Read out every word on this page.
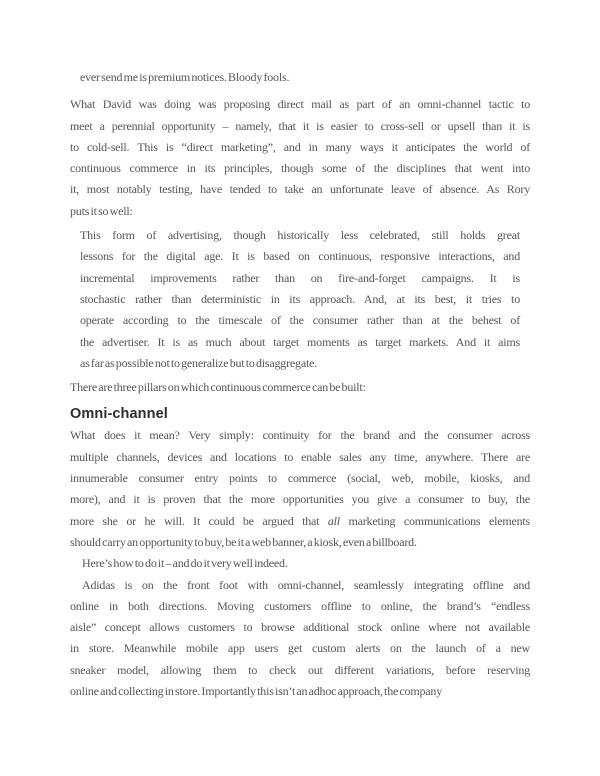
ever send me is premium notices. Bloody fools.
What David was doing was proposing direct mail as part of an omni-channel tactic to
meet a perennial opportunity – namely, that it is easier to cross-sell or upsell than it is
to cold-sell. This is “direct marketing”, and in many ways it anticipates the world of
continuous commerce in its principles, though some of the disciplines that went into
it, most notably testing, have tended to take an unfortunate leave of absence. As Rory
puts it so well:
This form of advertising, though historically less celebrated, still holds great
lessons for the digital age. It is based on continuous, responsive interactions, and
incremental improvements rather than on fire-and-forget campaigns. It is
stochastic rather than deterministic in its approach. And, at its best, it tries to
operate according to the timescale of the consumer rather than at the behest of
the advertiser. It is as much about target moments as target markets. And it aims
as far as possible not to generalize but to disaggregate.
There are three pillars on which continuous commerce can be built:
Omni-channel
What does it mean? Very simply: continuity for the brand and the consumer across
multiple channels, devices and locations to enable sales any time, anywhere. There are
innumerable consumer entry points to commerce (social, web, mobile, kiosks, and
more), and it is proven that the more opportunities you give a consumer to buy, the
more she or he will. It could be argued that all marketing communications elements
should carry an opportunity to buy, be it a web banner, a kiosk, even a billboard.
Here’s how to do it – and do it very well indeed.
Adidas is on the front foot with omni-channel, seamlessly integrating offline and
online in both directions. Moving customers offline to online, the brand’s “endless
aisle” concept allows customers to browse additional stock online where not available
in store. Meanwhile mobile app users get custom alerts on the launch of a new
sneaker model, allowing them to check out different variations, before reserving
online and collecting in store. Importantly this isn’t an adhoc approach, the company
